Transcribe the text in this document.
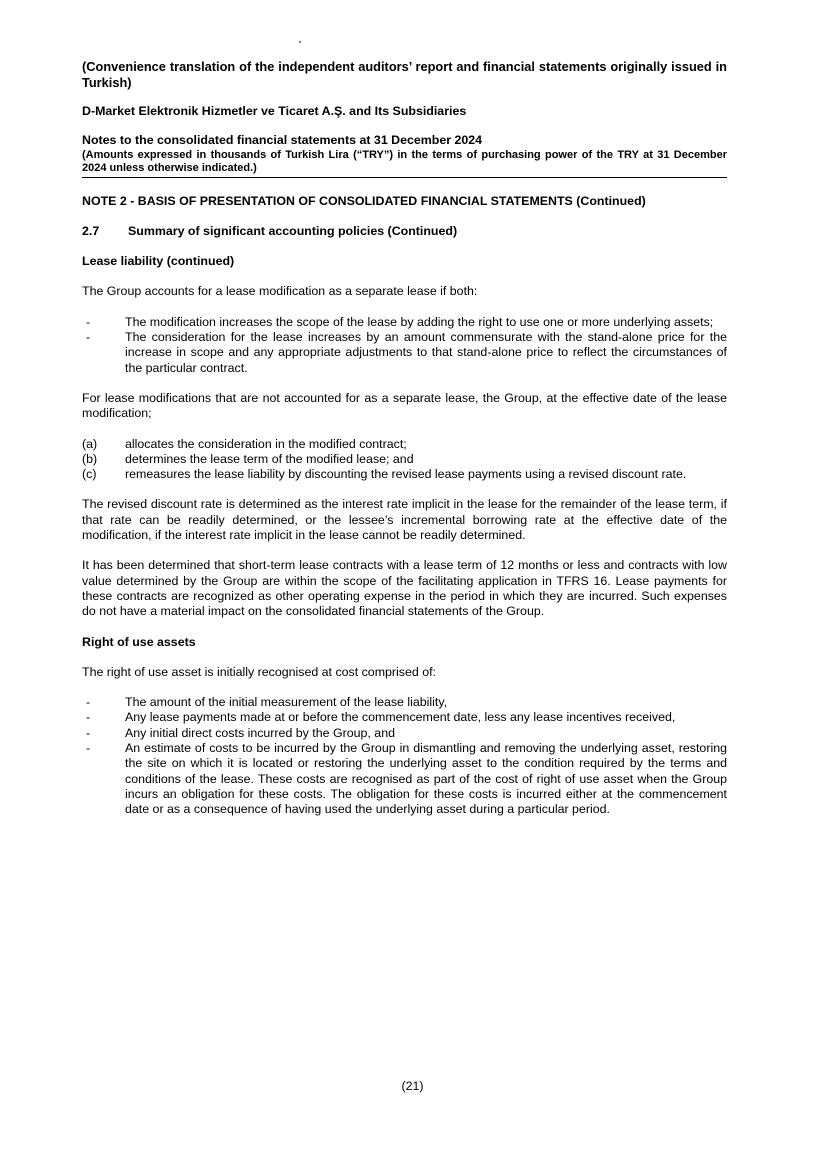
(Convenience translation of the independent auditors’ report and financial statements originally issued in Turkish)

D-Market Elektronik Hizmetler ve Ticaret A.Ş. and Its Subsidiaries

Notes to the consolidated financial statements at 31 December 2024

(Amounts expressed in thousands of Turkish Lira (“TRY”) in the terms of purchasing power of the TRY at 31 December 2024 unless otherwise indicated.)

NOTE 2 - BASIS OF PRESENTATION OF CONSOLIDATED FINANCIAL STATEMENTS (Continued)

2.7 Summary of significant accounting policies (Continued)

Lease liability (continued)

The Group accounts for a lease modification as a separate lease if both:

-	The modification increases the scope of the lease by adding the right to use one or more underlying assets;
-	The consideration for the lease increases by an amount commensurate with the stand-alone price for the increase in scope and any appropriate adjustments to that stand-alone price to reflect the circumstances of the particular contract.

For lease modifications that are not accounted for as a separate lease, the Group, at the effective date of the lease modification;

(a) allocates the consideration in the modified contract;
(b) determines the lease term of the modified lease; and
(c) remeasures the lease liability by discounting the revised lease payments using a revised discount rate.

The revised discount rate is determined as the interest rate implicit in the lease for the remainder of the lease term, if that rate can be readily determined, or the lessee’s incremental borrowing rate at the effective date of the modification, if the interest rate implicit in the lease cannot be readily determined.

It has been determined that short-term lease contracts with a lease term of 12 months or less and contracts with low value determined by the Group are within the scope of the facilitating application in TFRS 16. Lease payments for these contracts are recognized as other operating expense in the period in which they are incurred. Such expenses do not have a material impact on the consolidated financial statements of the Group.

Right of use assets

The right of use asset is initially recognised at cost comprised of:

-	The amount of the initial measurement of the lease liability,
-	Any lease payments made at or before the commencement date, less any lease incentives received,
-	Any initial direct costs incurred by the Group, and
-	An estimate of costs to be incurred by the Group in dismantling and removing the underlying asset, restoring the site on which it is located or restoring the underlying asset to the condition required by the terms and conditions of the lease. These costs are recognised as part of the cost of right of use asset when the Group incurs an obligation for these costs. The obligation for these costs is incurred either at the commencement date or as a consequence of having used the underlying asset during a particular period.
(21)
